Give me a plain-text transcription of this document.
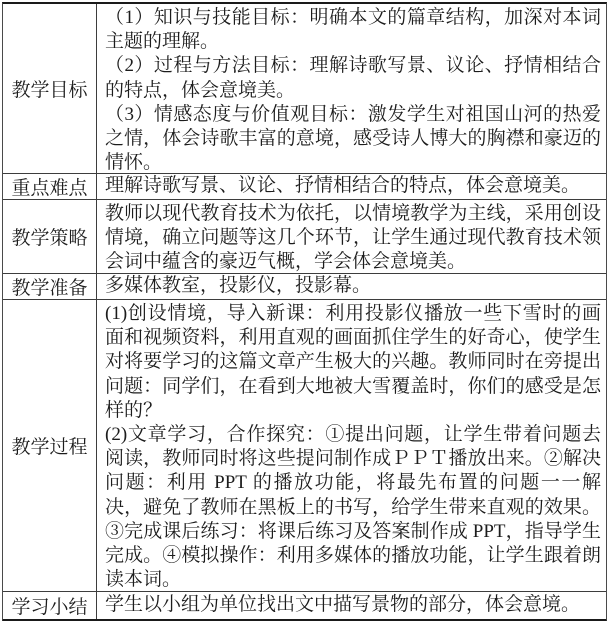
教学目标

（1）知识与技能目标：明确本文的篇章结构，加深对本词主题的理解。

（2）过程与方法目标：理解诗歌写景、议论、抒情相结合的特点，体会意境美。

（3）情感态度与价值观目标：激发学生对祖国山河的热爱之情，体会诗歌丰富的意境，感受诗人博大的胸襟和豪迈的情怀。

重点难点 理解诗歌写景、议论、抒情相结合的特点，体会意境美。

教学策略

教师以现代教育技术为依托，以情境教学为主线，采用创设情境，确立问题等这几个环节，让学生通过现代教育技术领会词中蕴含的豪迈气概，学会体会意境美。

教学准备 多媒体教室，投影仪，投影幕。

教学过程

(1)创设情境，导入新课：利用投影仪播放一些下雪时的画面和视频资料，利用直观的画面抓住学生的好奇心，使学生对将要学习的这篇文章产生极大的兴趣。教师同时在旁提出问题：同学们，在看到大地被大雪覆盖时，你们的感受是怎样的？

(2)文章学习，合作探究：①提出问题，让学生带着问题去阅读，教师同时将这些提问制作成ＰＰＴ播放出来。②解决问题：利用 PPT 的播放功能，将最先布置的问题一一解决，避免了教师在黑板上的书写，给学生带来直观的效果。③完成课后练习：将课后练习及答案制作成 PPT，指导学生完成。④模拟操作：利用多媒体的播放功能，让学生跟着朗读本词。

学习小结 学生以小组为单位找出文中描写景物的部分，体会意境。
